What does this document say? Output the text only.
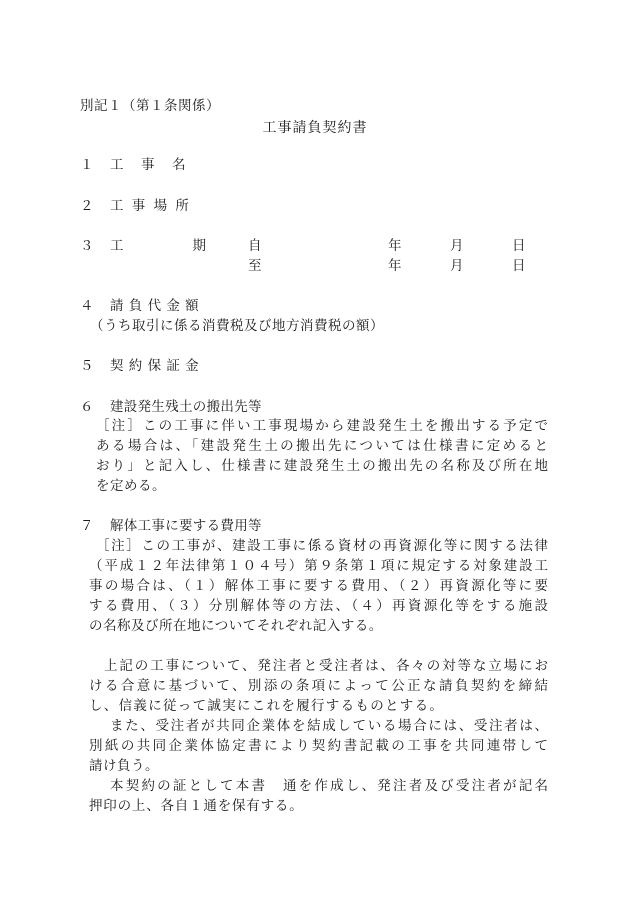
別記１（第１条関係）
工事請負契約書
１ 工　事　名
２ 工 事 場 所
３ 工　　期 自	年	月	日
至	年	月	日
４ 請 負 代 金 額
（うち取引に係る消費税及び地方消費税の額）
５ 契 約 保 証 金
６ 建設発生残土の搬出先等
［注］この工事に伴い工事現場から建設発生土を搬出する予定で
ある場合は、「建設発生土の搬出先については仕様書に定めると
おり」と記入し、仕様書に建設発生土の搬出先の名称及び所在地
を定める。
７ 解体工事に要する費用等
［注］この工事が、建設工事に係る資材の再資源化等に関する法律
（平成１２年法律第１０４号）第９条第１項に規定する対象建設工
事の場合は、（１）解体工事に要する費用、（２）再資源化等に要
する費用、（３）分別解体等の方法、（４）再資源化等をする施設
の名称及び所在地についてそれぞれ記入する。
上記の工事について、発注者と受注者は、各々の対等な立場にお
ける合意に基づいて、別添の条項によって公正な請負契約を締結
し、信義に従って誠実にこれを履行するものとする。
また、受注者が共同企業体を結成している場合には、受注者は、
別紙の共同企業体協定書により契約書記載の工事を共同連帯して
請け負う。
本契約の証として本書　通を作成し、発注者及び受注者が記名
押印の上、各自１通を保有する。
